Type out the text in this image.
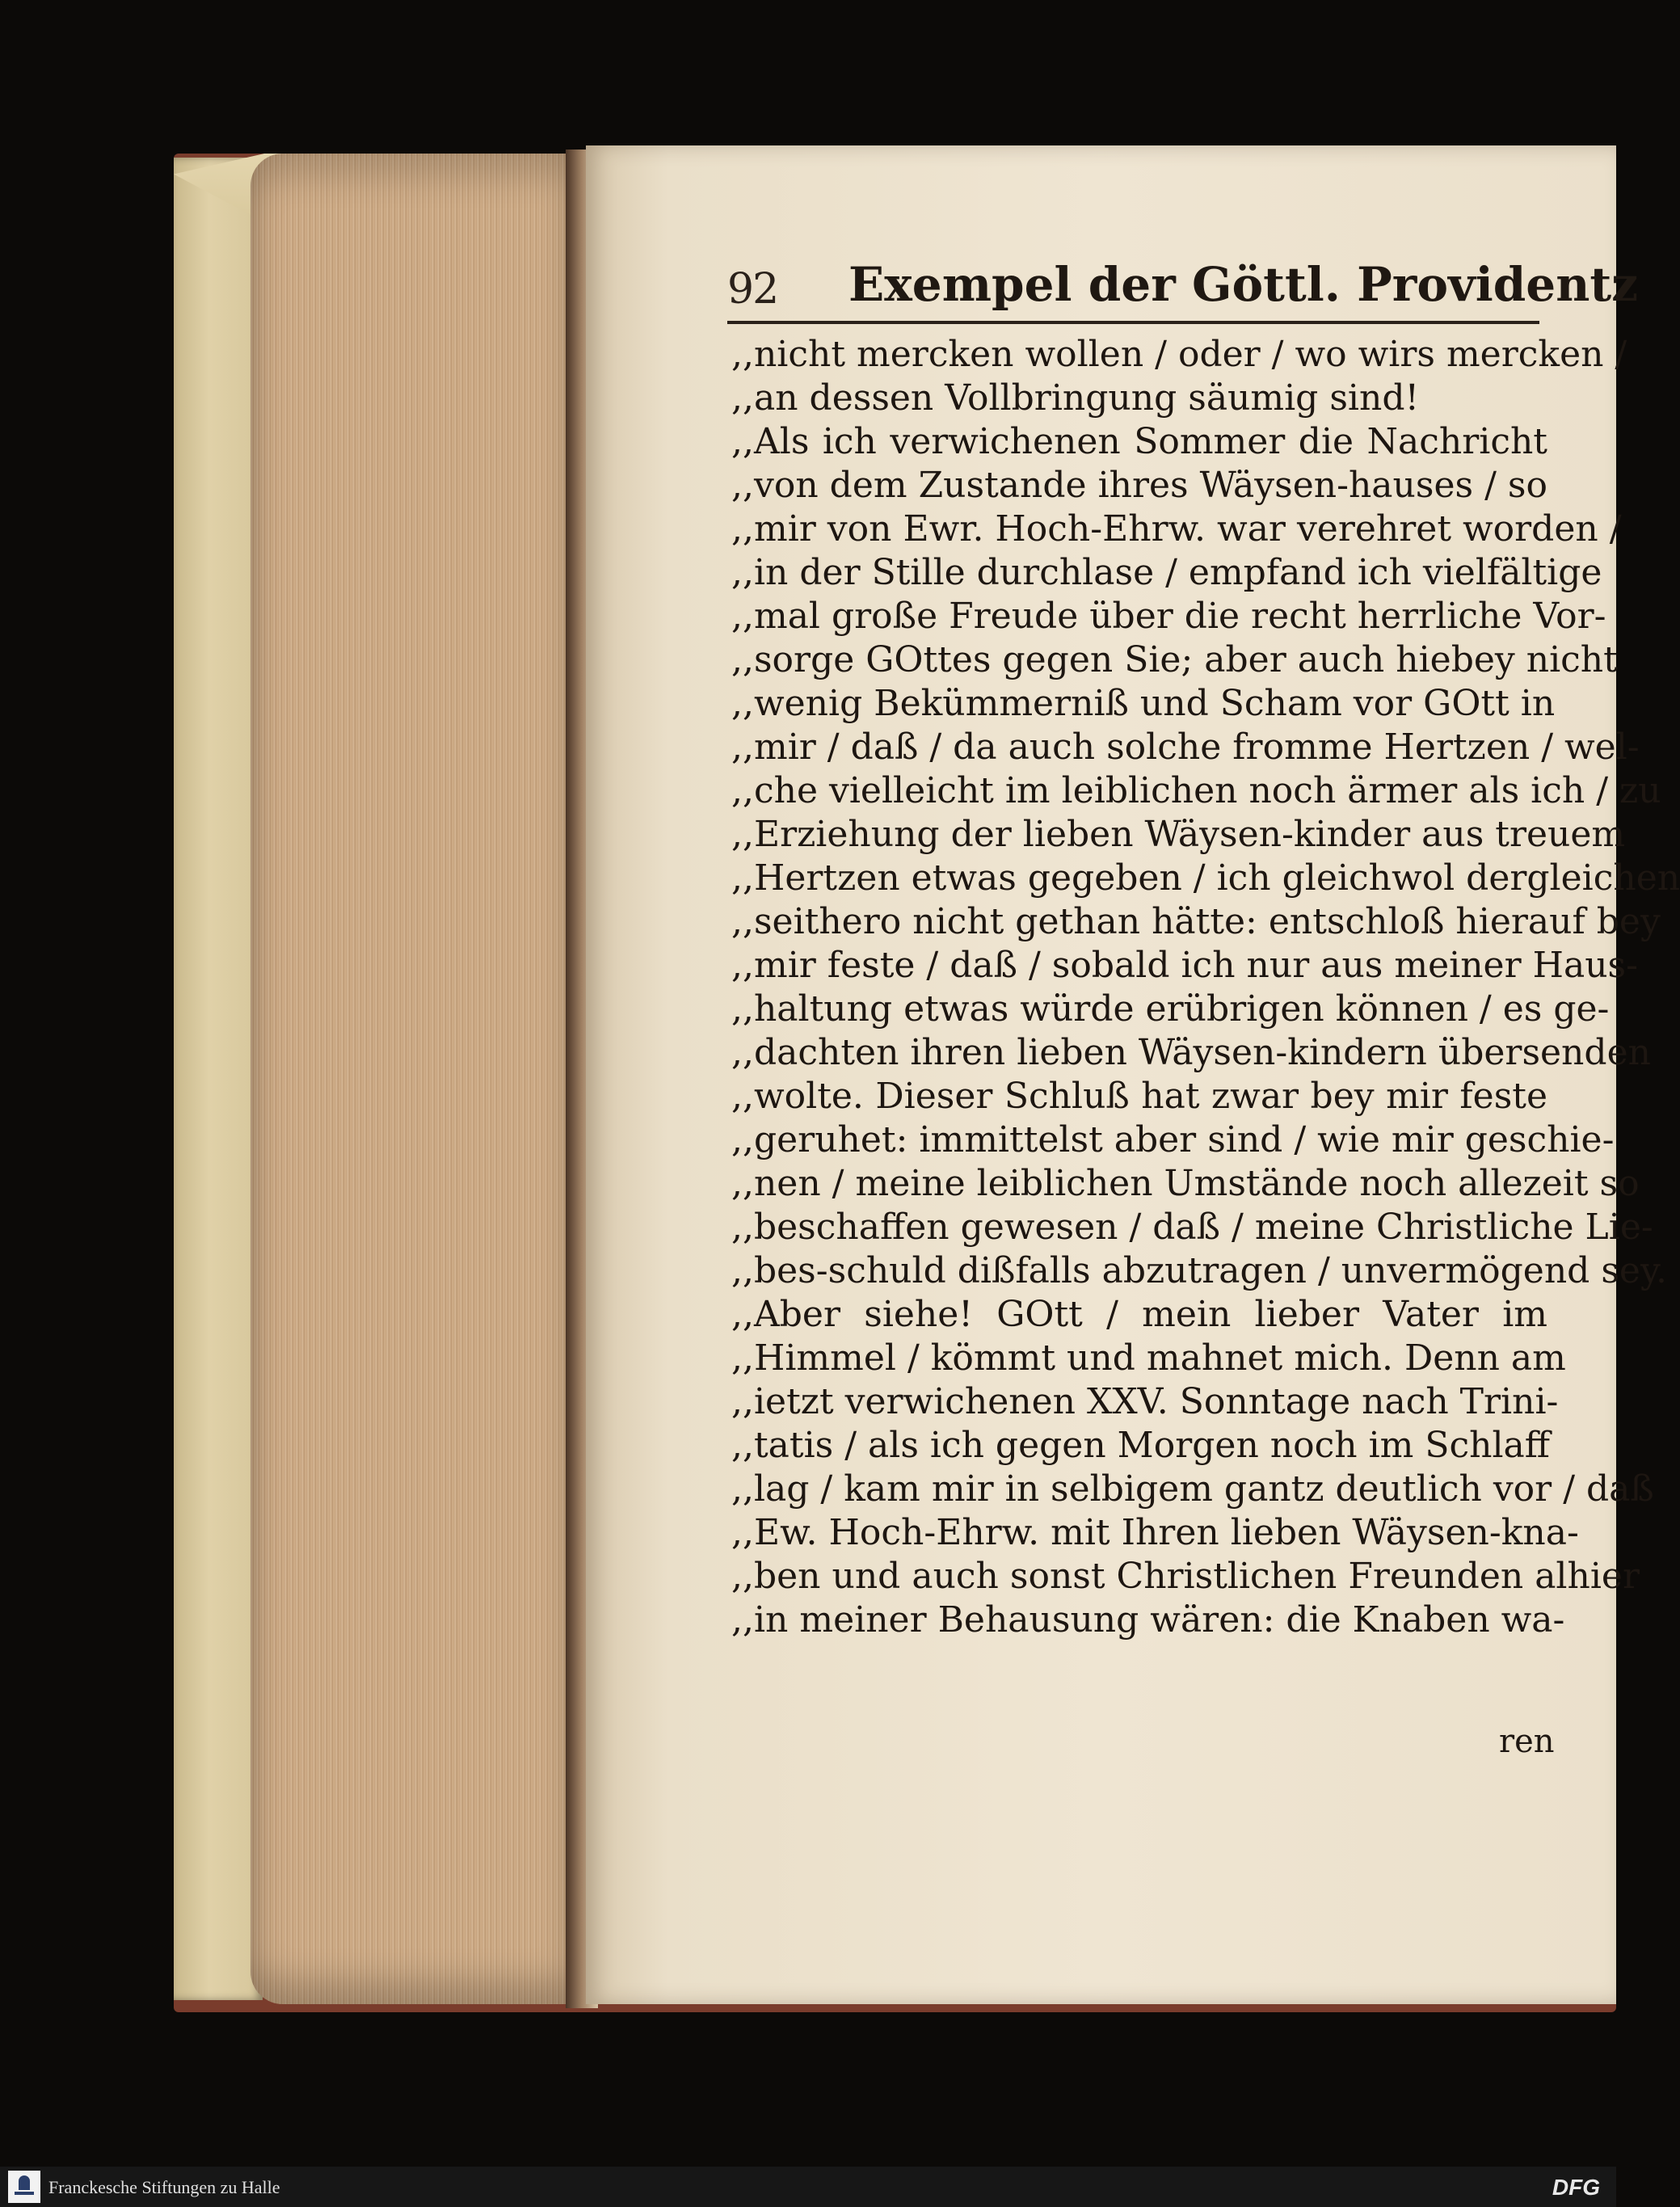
92 Exempel der Göttl. Providentz
,,nicht mercken wollen / oder / wo wirs mercken /
,,an dessen Vollbringung säumig sind!
,,Als ich verwichenen Sommer die Nachricht
,,von dem Zustande ihres Wäysen-hauses / so
,,mir von Ewr. Hoch-Ehrw. war verehret worden /
,,in der Stille durchlase / empfand ich vielfältige
,,mal große Freude über die recht herrliche Vor-
,,sorge GOttes gegen Sie; aber auch hiebey nicht
,,wenig Bekümmerniß und Scham vor GOtt in
,,mir / daß / da auch solche fromme Hertzen / wel-
,,che vielleicht im leiblichen noch ärmer als ich / zu
,,Erziehung der lieben Wäysen-kinder aus treuem
,,Hertzen etwas gegeben / ich gleichwol dergleichen
,,seithero nicht gethan hätte: entschloß hierauf bey
,,mir feste / daß / sobald ich nur aus meiner Haus-
,,haltung etwas würde erübrigen können / es ge-
,,dachten ihren lieben Wäysen-kindern übersenden
,,wolte. Dieser Schluß hat zwar bey mir feste
,,geruhet: immittelst aber sind / wie mir geschie-
,,nen / meine leiblichen Umstände noch allezeit so
,,beschaffen gewesen / daß / meine Christliche Lie-
,,bes-schuld dißfalls abzutragen / unvermögend sey.
,,Aber siehe! GOtt / mein lieber Vater im
,,Himmel / kömmt und mahnet mich. Denn am
,,ietzt verwichenen XXV. Sonntage nach Trini-
,,tatis / als ich gegen Morgen noch im Schlaff
,,lag / kam mir in selbigem gantz deutlich vor / daß
,,Ew. Hoch-Ehrw. mit Ihren lieben Wäysen-kna-
,,ben und auch sonst Christlichen Freunden alhier
,,in meiner Behausung wären: die Knaben wa-
ren
Franckesche Stiftungen zu Halle	DFG
